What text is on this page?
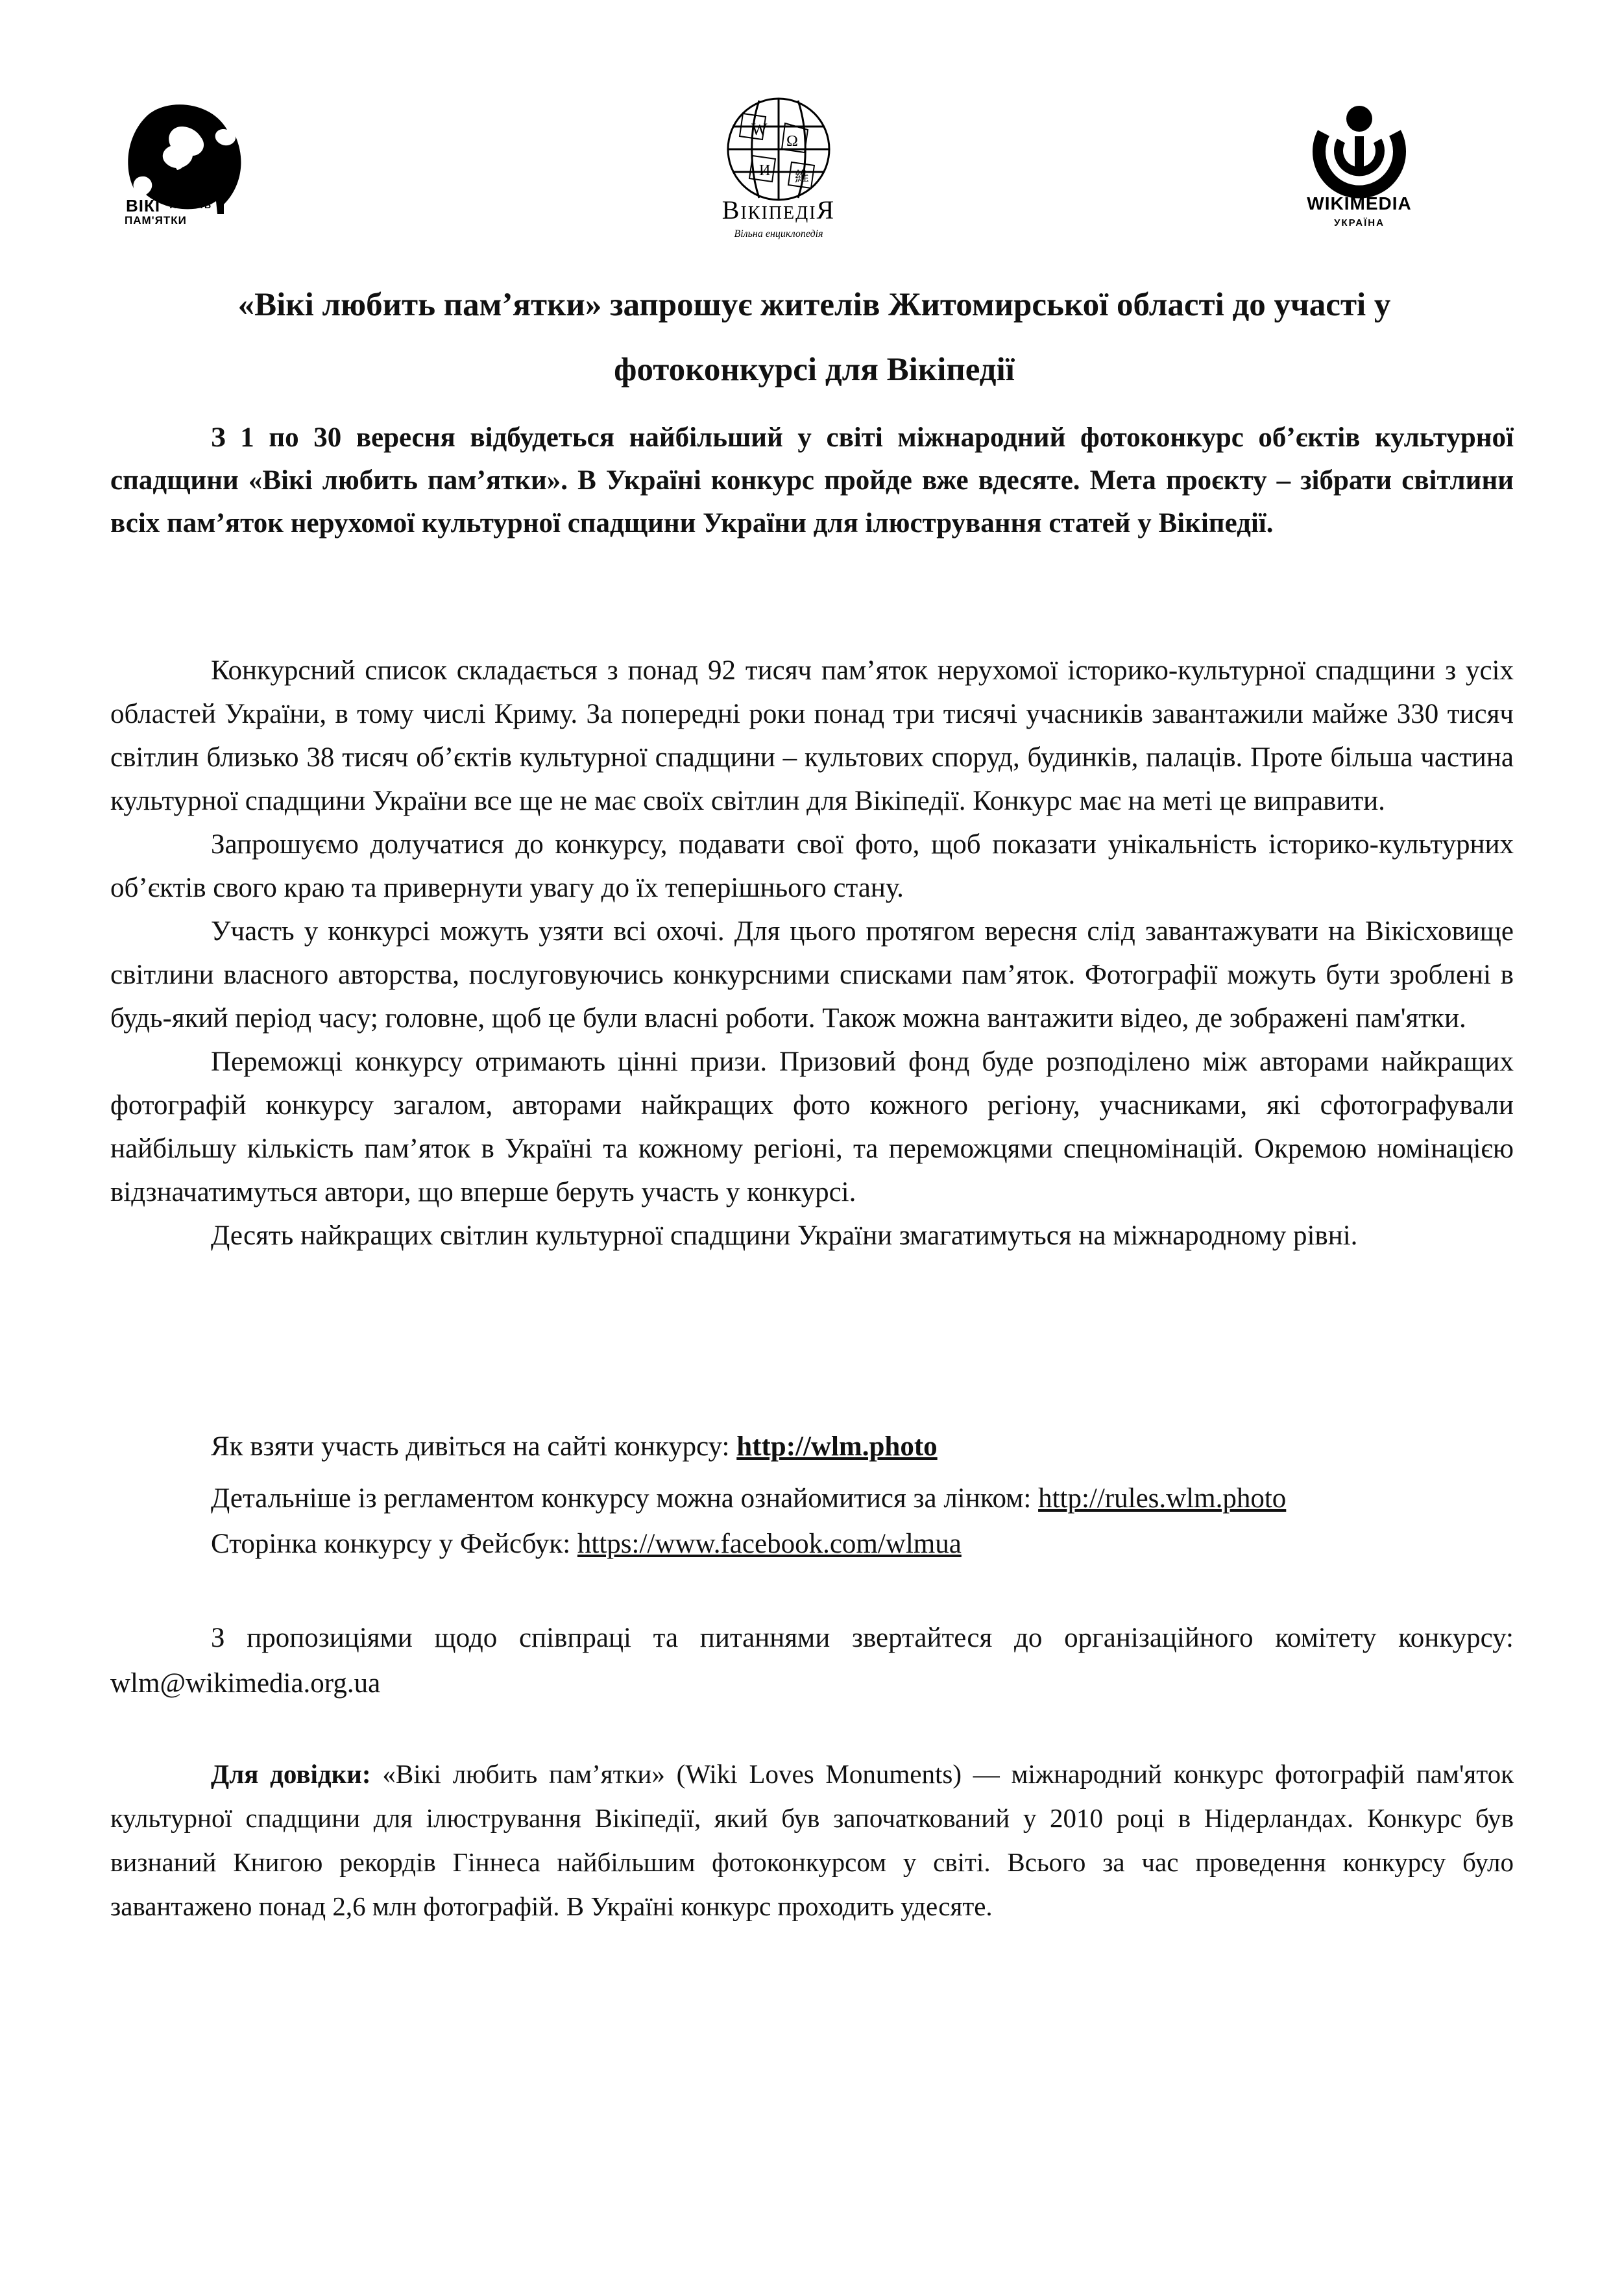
ВІКІ ЛЮБИТЬ
ПАМ'ЯТКИ
W
Ω
И 維
ВікіпедіЯ
Вільна енциклопедія
WIKIMEDIA
УКРАЇНА
«Вікі любить пам’ятки» запрошує жителів Житомирської області до участі у
фотоконкурсі для Вікіпедії

З 1 по 30 вересня відбудеться найбільший у світі міжнародний фотоконкурс об’єктів культурної спадщини «Вікі любить пам’ятки». В Україні конкурс пройде вже вдесяте. Мета проєкту – зібрати світлини всіх пам’яток нерухомої культурної спадщини України для ілюстрування статей у Вікіпедії.

Конкурсний список складається з понад 92 тисяч пам’яток нерухомої історико-культурної спадщини з усіх областей України, в тому числі Криму. За попередні роки понад три тисячі учасників завантажили майже 330 тисяч світлин близько 38 тисяч об’єктів культурної спадщини – культових споруд, будинків, палаців. Проте більша частина культурної спадщини України все ще не має своїх світлин для Вікіпедії. Конкурс має на меті це виправити.

Запрошуємо долучатися до конкурсу, подавати свої фото, щоб показати унікальність історико-культурних об’єктів свого краю та привернути увагу до їх теперішнього стану.

Участь у конкурсі можуть узяти всі охочі. Для цього протягом вересня слід завантажувати на Вікісховище світлини власного авторства, послуговуючись конкурсними списками пам’яток. Фотографії можуть бути зроблені в будь-який період часу; головне, щоб це були власні роботи. Також можна вантажити відео, де зображені пам'ятки.

Переможці конкурсу отримають цінні призи. Призовий фонд буде розподілено між авторами найкращих фотографій конкурсу загалом, авторами найкращих фото кожного регіону, учасниками, які сфотографували найбільшу кількість пам’яток в Україні та кожному регіоні, та переможцями спецномінацій. Окремою номінацією відзначатимуться автори, що вперше беруть участь у конкурсі.

Десять найкращих світлин культурної спадщини України змагатимуться на міжнародному рівні.

Як взяти участь дивіться на сайті конкурсу: http://wlm.photo
Детальніше із регламентом конкурсу можна ознайомитися за лінком: http://rules.wlm.photo
Сторінка конкурсу у Фейсбук: https://www.facebook.com/wlmua

З пропозиціями щодо співпраці та питаннями звертайтеся до організаційного комітету конкурсу: wlm@wikimedia.org.ua

Для довідки: «Вікі любить пам’ятки» (Wiki Loves Monuments) — міжнародний конкурс фотографій пам'яток культурної спадщини для ілюстрування Вікіпедії, який був започаткований у 2010 році в Нідерландах. Конкурс був визнаний Книгою рекордів Гіннеса найбільшим фотоконкурсом у світі. Всього за час проведення конкурсу було завантажено понад 2,6 млн фотографій. В Україні конкурс проходить удесяте.
